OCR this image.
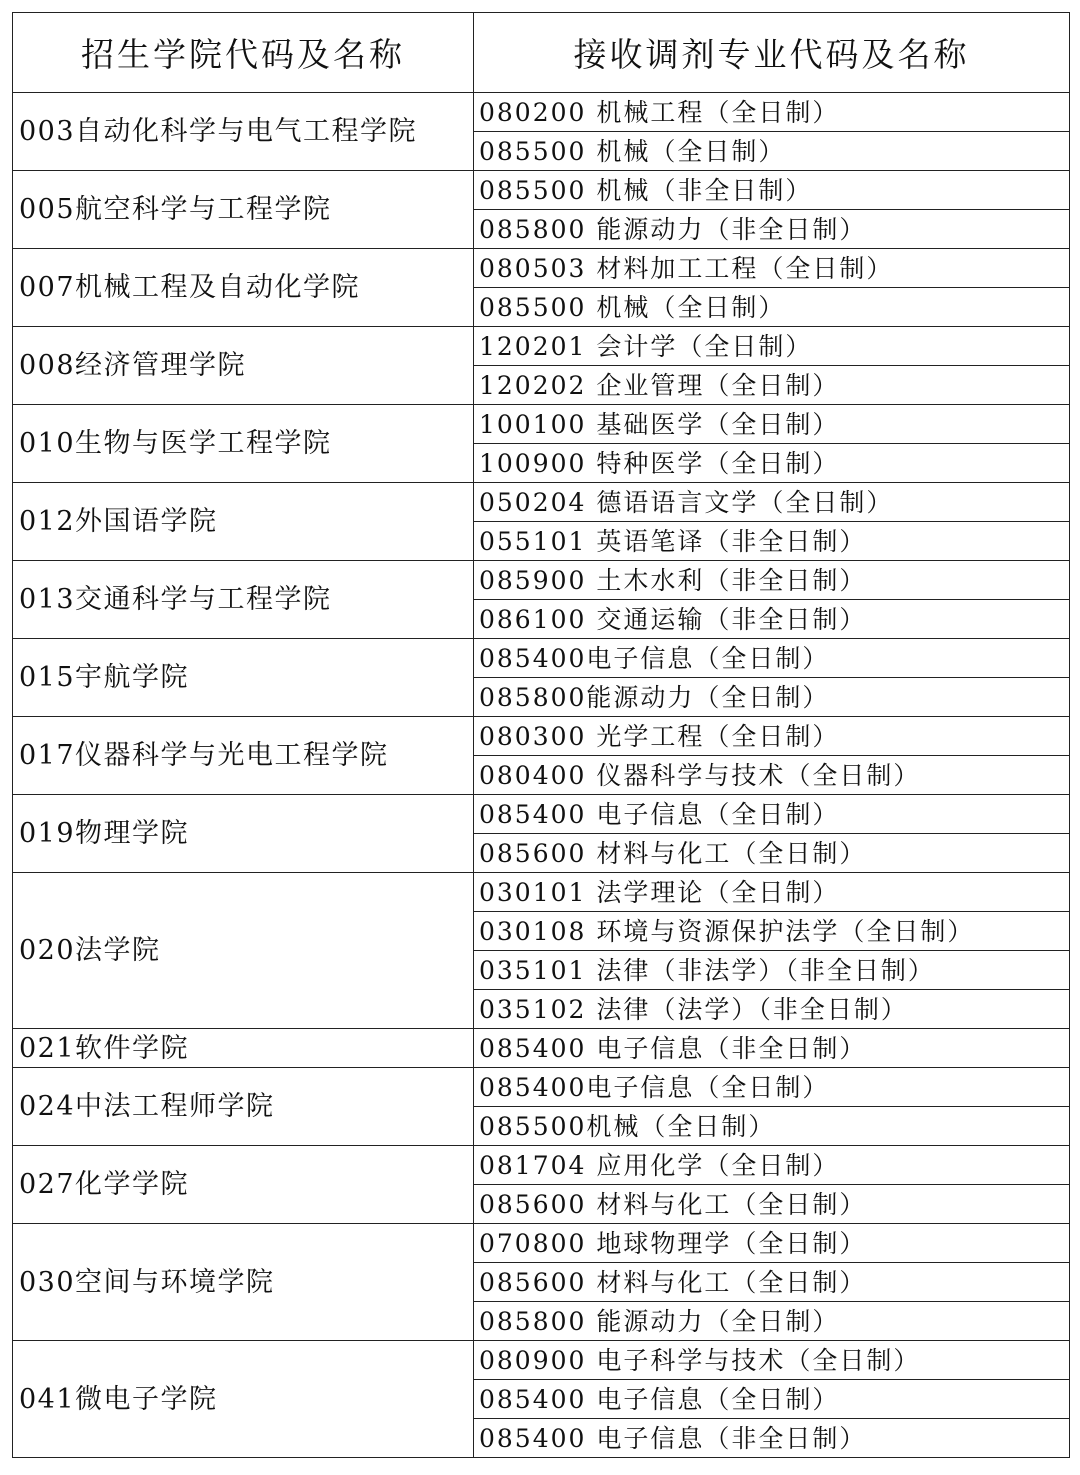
招生学院代码及名称	接收调剂专业代码及名称
003自动化科学与电气工程学院	080200 机械工程（全日制）
	085500 机械（全日制）
005航空科学与工程学院	085500 机械（非全日制）
	085800 能源动力（非全日制）
007机械工程及自动化学院	080503 材料加工工程（全日制）
	085500 机械（全日制）
008经济管理学院	120201 会计学（全日制）
	120202 企业管理（全日制）
010生物与医学工程学院	100100 基础医学（全日制）
	100900 特种医学（全日制）
012外国语学院	050204 德语语言文学（全日制）
	055101 英语笔译（非全日制）
013交通科学与工程学院	085900 土木水利（非全日制）
	086100 交通运输（非全日制）
015宇航学院	085400电子信息（全日制）
	085800能源动力（全日制）
017仪器科学与光电工程学院	080300 光学工程（全日制）
	080400 仪器科学与技术（全日制）
019物理学院	085400 电子信息（全日制）
	085600 材料与化工（全日制）
020法学院	030101 法学理论（全日制）
	030108 环境与资源保护法学（全日制）
	035101 法律（非法学）（非全日制）
	035102 法律（法学）（非全日制）
021软件学院	085400 电子信息（非全日制）
024中法工程师学院	085400电子信息（全日制）
	085500机械（全日制）
027化学学院	081704 应用化学（全日制）
	085600 材料与化工（全日制）
030空间与环境学院	070800 地球物理学（全日制）
	085600 材料与化工（全日制）
	085800 能源动力（全日制）
041微电子学院	080900 电子科学与技术（全日制）
	085400 电子信息（全日制）
	085400 电子信息（非全日制）
